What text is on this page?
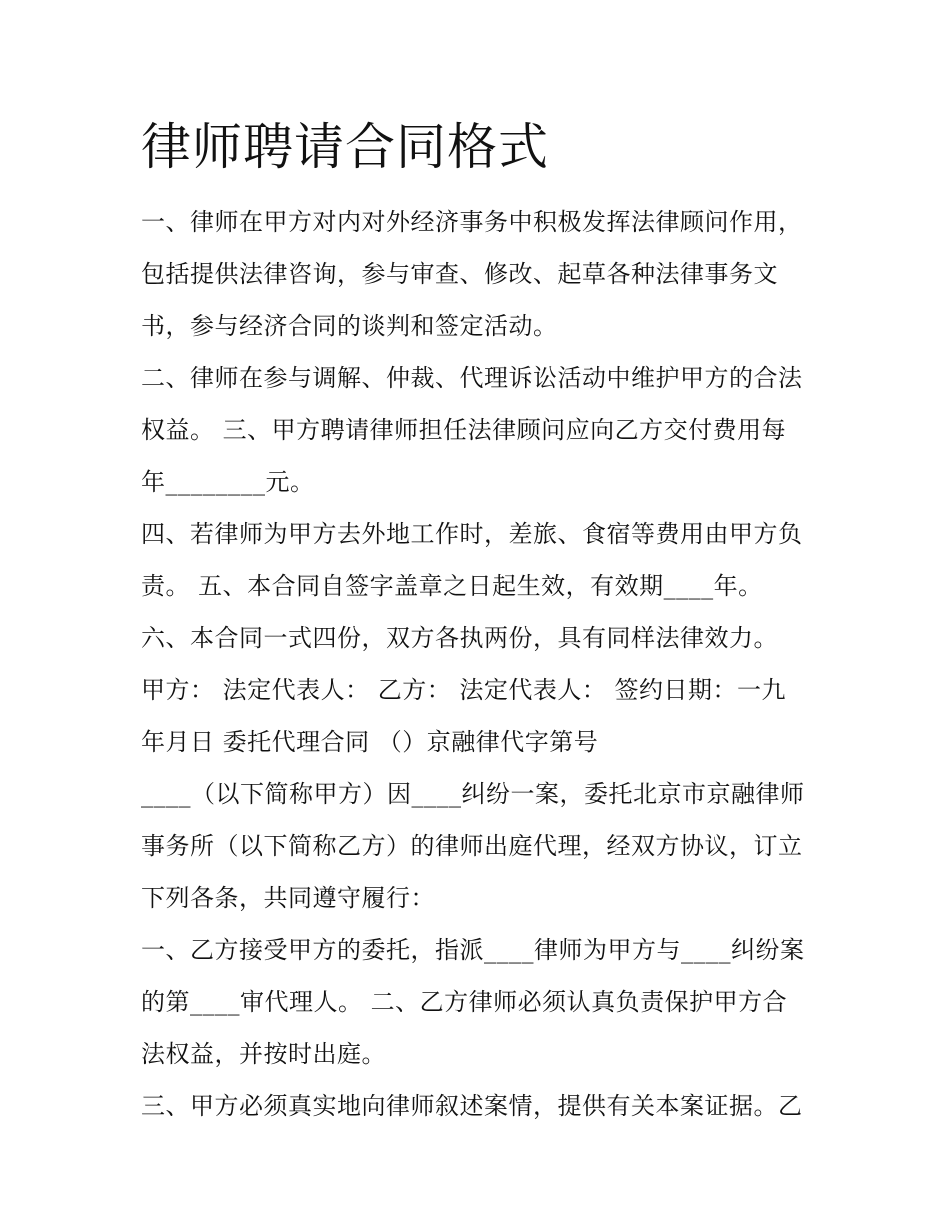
律师聘请合同格式
一、律师在甲方对内对外经济事务中积极发挥法律顾问作用，
包括提供法律咨询，参与审查、修改、起草各种法律事务文
书，参与经济合同的谈判和签定活动。
二、律师在参与调解、仲裁、代理诉讼活动中维护甲方的合法
权益。 三、甲方聘请律师担任法律顾问应向乙方交付费用每
年________元。
四、若律师为甲方去外地工作时，差旅、食宿等费用由甲方负
责。 五、本合同自签字盖章之日起生效，有效期____年。
六、本合同一式四份，双方各执两份，具有同样法律效力。
甲方： 法定代表人： 乙方： 法定代表人： 签约日期：一九
年月日 委托代理合同 （）京融律代字第号
____（以下简称甲方）因____纠纷一案，委托北京市京融律师
事务所（以下简称乙方）的律师出庭代理，经双方协议，订立
下列各条，共同遵守履行：
一、乙方接受甲方的委托，指派____律师为甲方与____纠纷案
的第____审代理人。 二、乙方律师必须认真负责保护甲方合
法权益，并按时出庭。
三、甲方必须真实地向律师叙述案情，提供有关本案证据。乙
